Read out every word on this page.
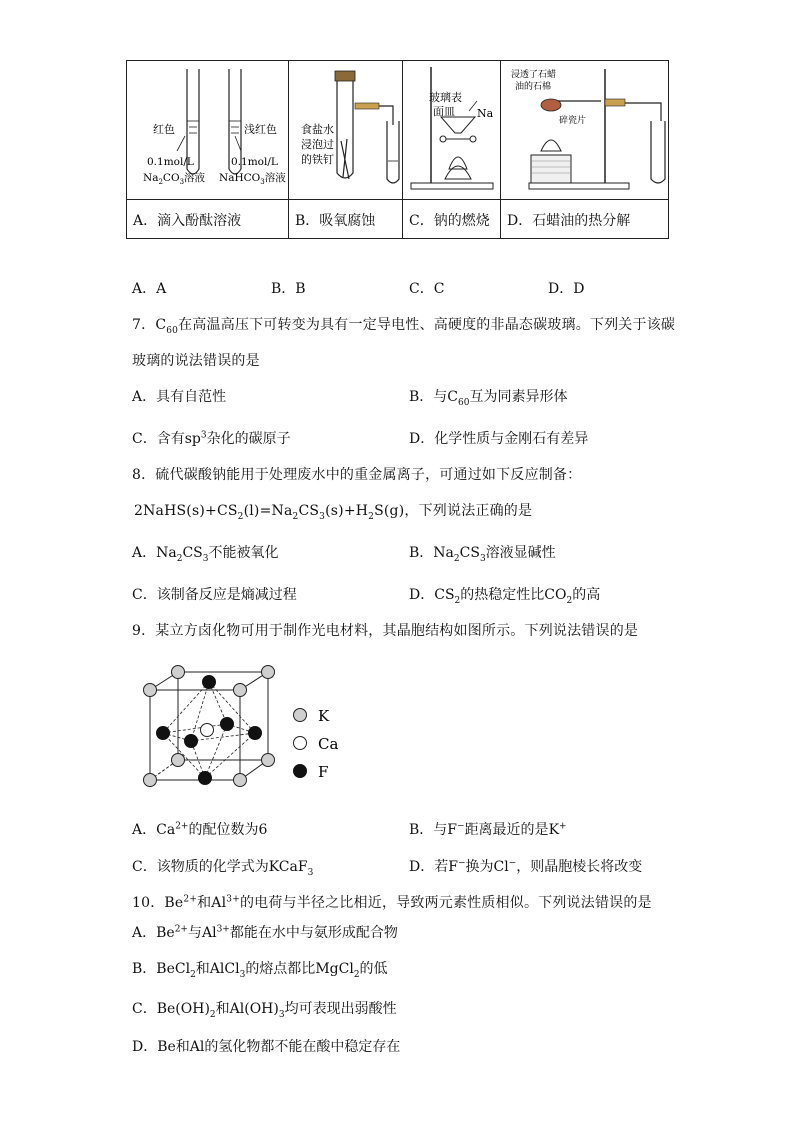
红色	浅红色
0.1mol/L
$Na_2CO_3$溶液
0.1mol/L
NaHCO$_3$溶液
食盐水
浸泡过
的铁钉
玻璃表
面皿 Na
浸透了石蜡
油的石棉
碎瓷片
A．滴入酚酞溶液	B．吸氧腐蚀	C．钠的燃烧	D．石蜡油的热分解
A．A	B．B	C．C	D．D
7．$C_{60}$在高温高压下可转变为具有一定导电性、高硬度的非晶态碳玻璃。下列关于该碳
玻璃的说法错误的是
A．具有自范性	B．与$C_{60}$互为同素异形体
C．含有$sp^3$杂化的碳原子	D．化学性质与金刚石有差异
8．硫代碳酸钠能用于处理废水中的重金属离子，可通过如下反应制备：
$2NaHS(s)+CS_2(l)=Na_2CS_3(s)+H_2S(g)$，下列说法正确的是
A．$Na_2CS_3$不能被氧化	B．$Na_2CS_3$溶液显碱性
C．该制备反应是熵减过程	D．$CS_2$的热稳定性比$CO_2$的高
9．某立方卤化物可用于制作光电材料，其晶胞结构如图所示。下列说法错误的是
K
Ca
F
A．$Ca^{2+}$的配位数为6	B．与F−距离最近的是K+
C．该物质的化学式为KCaF$_3$	D．若F−换为Cl−，则晶胞棱长将改变
10．$Be^{2+}$和$Al^{3+}$的电荷与半径之比相近，导致两元素性质相似。下列说法错误的是
A．$Be^{2+}$与$Al^{3+}$都能在水中与氨形成配合物
B．BeCl$_2$和AlCl$_3$的熔点都比MgCl$_2$的低
C．$Be(OH)_2$和$Al(OH)_3$均可表现出弱酸性
D．Be和Al的氢化物都不能在酸中稳定存在
